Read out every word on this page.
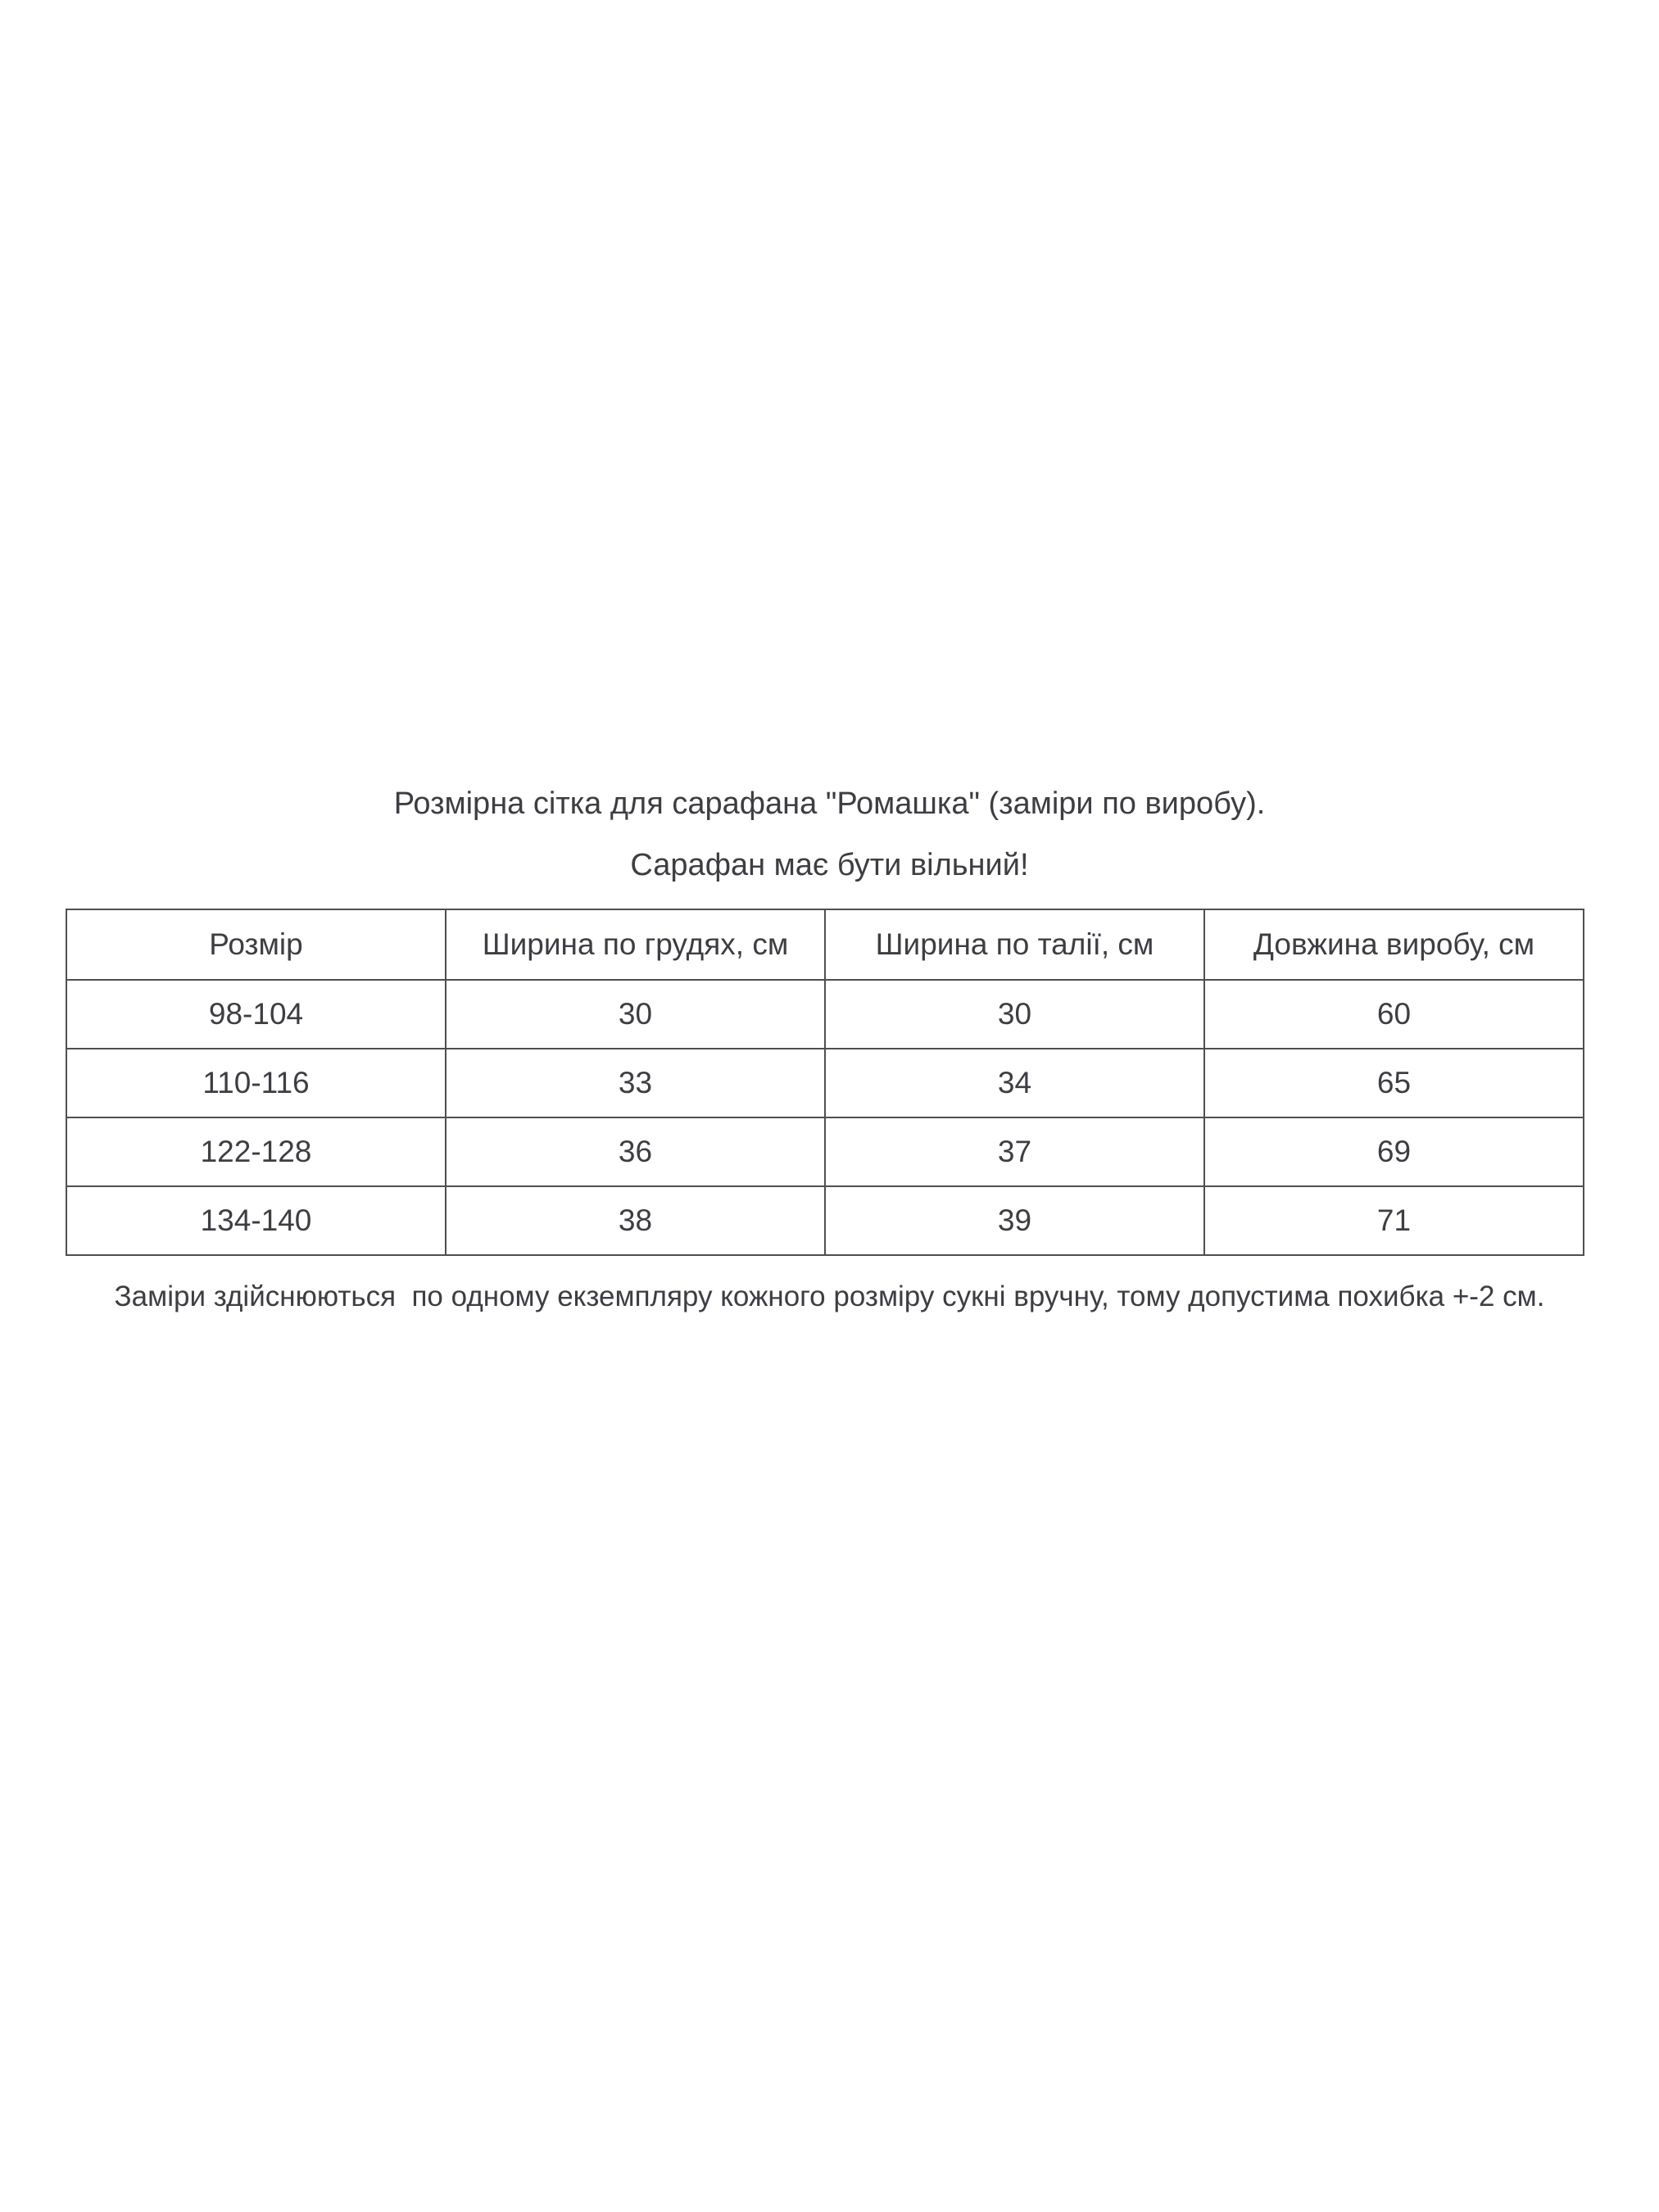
Розмірна сітка для сарафана "Ромашка" (заміри по виробу).
Сарафан має бути вільний!
Розмір	Ширина по грудях, см	Ширина по талії, см	Довжина виробу, см
98-104	30	30	60
110-116	33	34	65
122-128	36	37	69
134-140	38	39	71
Заміри здійснюються  по одному екземпляру кожного розміру сукні вручну, тому допустима похибка +-2 см.
